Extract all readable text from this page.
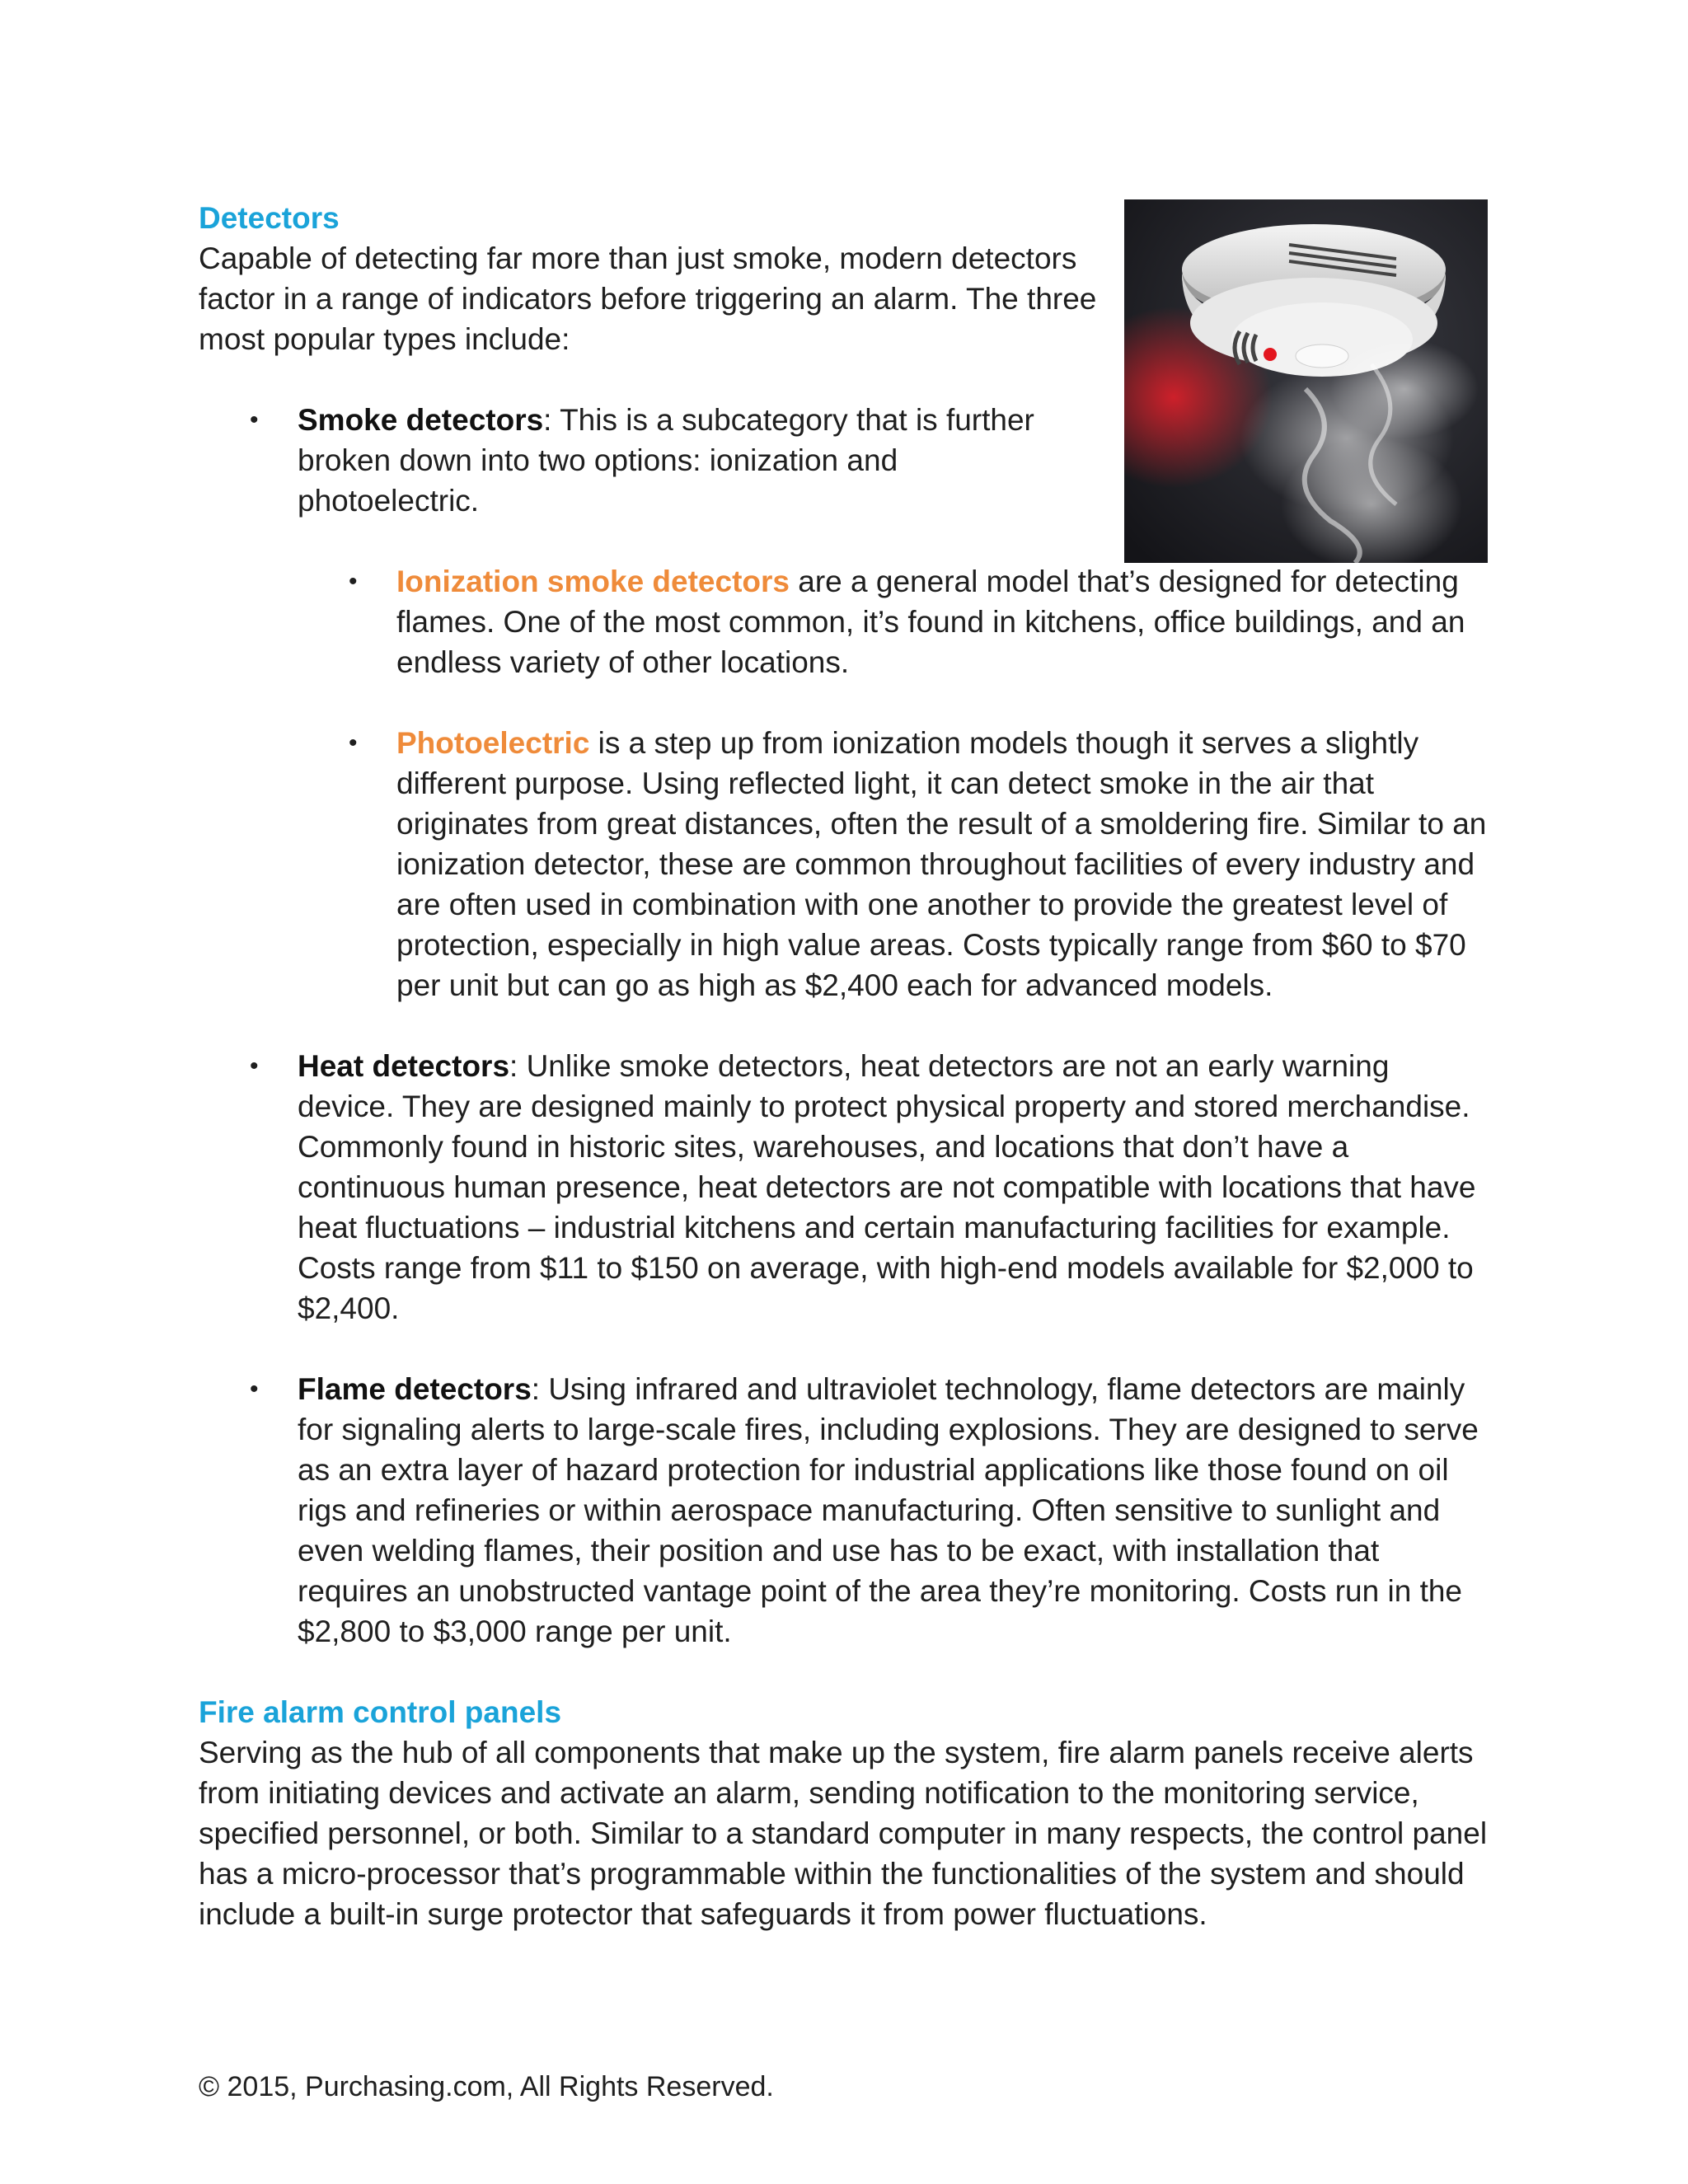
Detectors

Capable of detecting far more than just smoke, modern detectors factor in a range of indicators before triggering an alarm. The three most popular types include:

• Smoke detectors: This is a subcategory that is further broken down into two options: ionization and photoelectric.
• Ionization smoke detectors are a general model that’s designed for detecting flames. One of the most common, it’s found in kitchens, office buildings, and an endless variety of other locations.
• Photoelectric is a step up from ionization models though it serves a slightly different purpose. Using reflected light, it can detect smoke in the air that originates from great distances, often the result of a smoldering fire. Similar to an ionization detector, these are common throughout facilities of every industry and are often used in combination with one another to provide the greatest level of protection, especially in high value areas. Costs typically range from $60 to $70 per unit but can go as high as $2,400 each for advanced models.
• Heat detectors: Unlike smoke detectors, heat detectors are not an early warning device. They are designed mainly to protect physical property and stored merchandise. Commonly found in historic sites, warehouses, and locations that don’t have a continuous human presence, heat detectors are not compatible with locations that have heat fluctuations – industrial kitchens and certain manufacturing facilities for example. Costs range from $11 to $150 on average, with high-end models available for $2,000 to $2,400.
• Flame detectors: Using infrared and ultraviolet technology, flame detectors are mainly for signaling alerts to large-scale fires, including explosions. They are designed to serve as an extra layer of hazard protection for industrial applications like those found on oil rigs and refineries or within aerospace manufacturing. Often sensitive to sunlight and even welding flames, their position and use has to be exact, with installation that requires an unobstructed vantage point of the area they’re monitoring. Costs run in the $2,800 to $3,000 range per unit.
Fire alarm control panels

Serving as the hub of all components that make up the system, fire alarm panels receive alerts from initiating devices and activate an alarm, sending notification to the monitoring service, specified personnel, or both. Similar to a standard computer in many respects, the control panel has a micro-processor that’s programmable within the functionalities of the system and should include a built-in surge protector that safeguards it from power fluctuations.

© 2015, Purchasing.com, All Rights Reserved.
